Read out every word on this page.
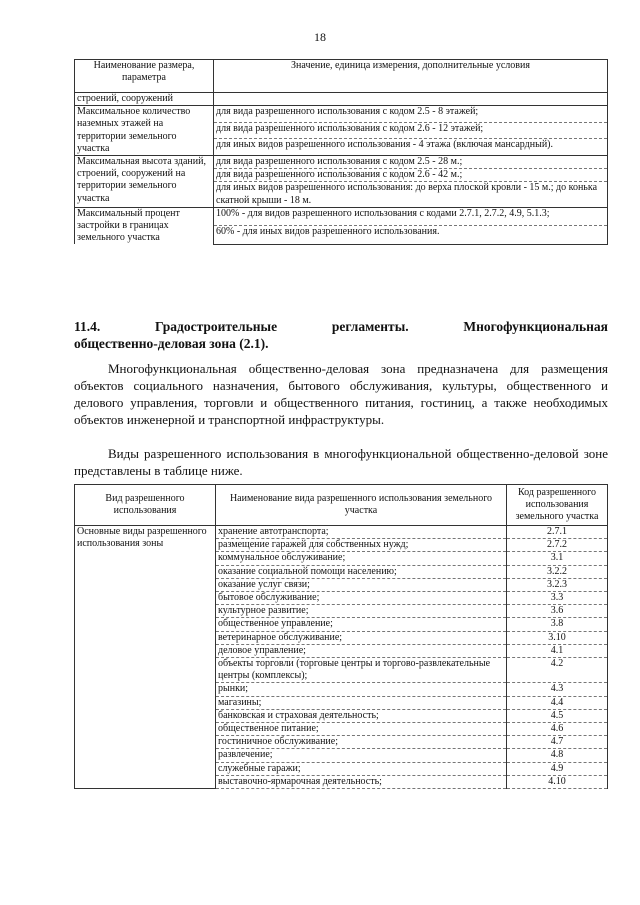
18
Наименование размера, параметра	Значение, единица измерения, дополнительные условия
строений, сооружений	
Максимальное количество наземных этажей на территории земельного участка	для вида разрешенного использования с кодом 2.5 - 8 этажей;
	для вида разрешенного использования с кодом 2.6 - 12 этажей;
	для иных видов разрешенного использования - 4 этажа (включая мансардный).
Максимальная высота зданий, строений, сооружений на территории земельного участка	для вида разрешенного использования с кодом 2.5 - 28 м.;
	для вида разрешенного использования с кодом 2.6 - 42 м.;
	для иных видов разрешенного использования: до верха плоской кровли - 15 м.; до конька скатной крыши - 18 м.
Максимальный процент застройки в границах земельного участка	100% - для видов разрешенного использования с кодами 2.7.1, 2.7.2, 4.9, 5.1.3;
	60% - для иных видов разрешенного использования.
11.4. Градостроительные регламенты. Многофункциональная
общественно-деловая зона (2.1).

Многофункциональная общественно-деловая зона предназначена для размещения объектов социального назначения, бытового обслуживания, культуры, общественного и делового управления, торговли и общественного питания, гостиниц, а также необходимых объектов инженерной и транспортной инфраструктуры.

Виды разрешенного использования в многофункциональной общественно-деловой зоне представлены в таблице ниже.

Вид разрешенного использования	Наименование вида разрешенного использования земельного участка	Код разрешенного использования земельного участка
Основные виды разрешенного использования зоны	хранение автотранспорта;	2.7.1
	размещение гаражей для собственных нужд;	2.7.2
	коммунальное обслуживание;	3.1
	оказание социальной помощи населению;	3.2.2
	оказание услуг связи;	3.2.3
	бытовое обслуживание;	3.3
	культурное развитие;	3.6
	общественное управление;	3.8
	ветеринарное обслуживание;	3.10
	деловое управление;	4.1
	объекты торговли (торговые центры и торгово-развлекательные центры (комплексы);	4.2
	рынки;	4.3
	магазины;	4.4
	банковская и страховая деятельность;	4.5
	общественное питание;	4.6
	гостиничное обслуживание;	4.7
	развлечение;	4.8
	служебные гаражи;	4.9
	выставочно-ярмарочная деятельность;	4.10
